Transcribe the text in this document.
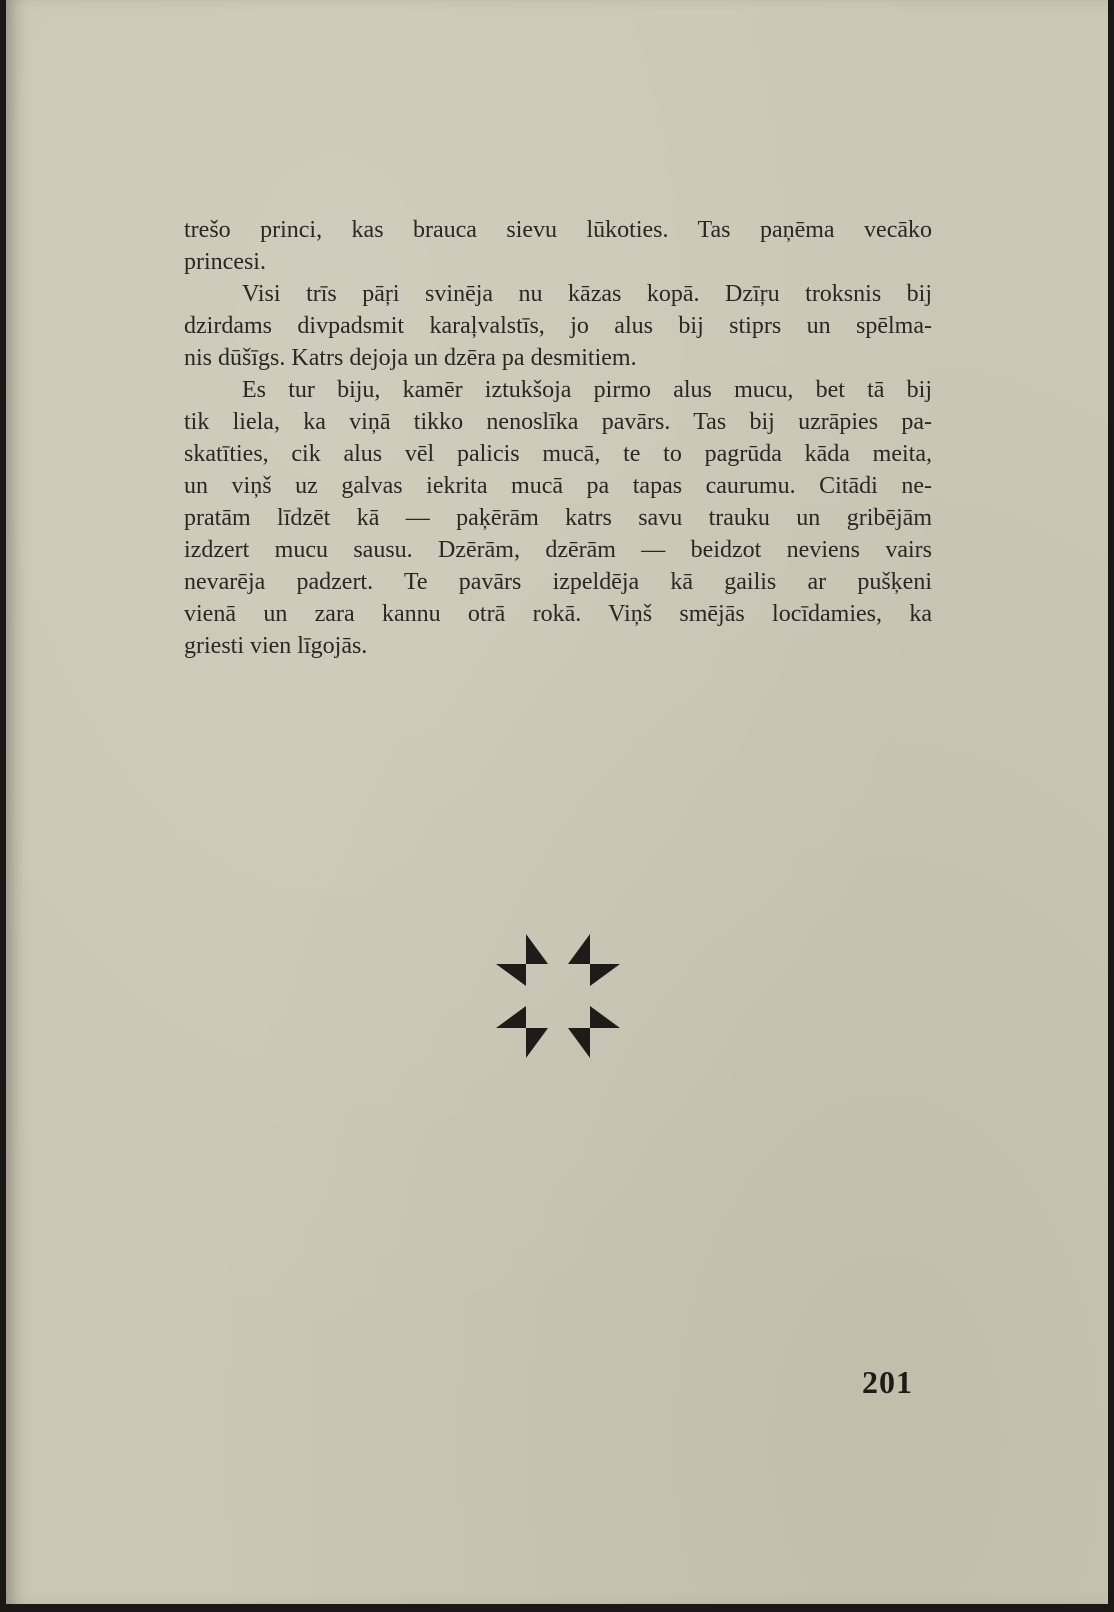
trešo princi, kas brauca sievu lūkoties. Tas paņēma vecāko
princesi.
Visi trīs pāŗi svinēja nu kāzas kopā. Dzīŗu troksnis bij
dzirdams divpadsmit karaļvalstīs, jo alus bij stiprs un spēlma-
nis dūšīgs. Katrs dejoja un dzēra pa desmitiem.
Es tur biju, kamēr iztukšoja pirmo alus mucu, bet tā bij
tik liela, ka viņā tikko nenoslīka pavārs. Tas bij uzrāpies pa-
skatīties, cik alus vēl palicis mucā, te to pagrūda kāda meita,
un viņš uz galvas iekrita mucā pa tapas caurumu. Citādi ne-
pratām līdzēt kā — paķērām katrs savu trauku un gribējām
izdzert mucu sausu. Dzērām, dzērām — beidzot neviens vairs
nevarēja padzert. Te pavārs izpeldēja kā gailis ar pušķeni
vienā un zara kannu otrā rokā. Viņš smējās locīdamies, ka
griesti vien līgojās.
201
